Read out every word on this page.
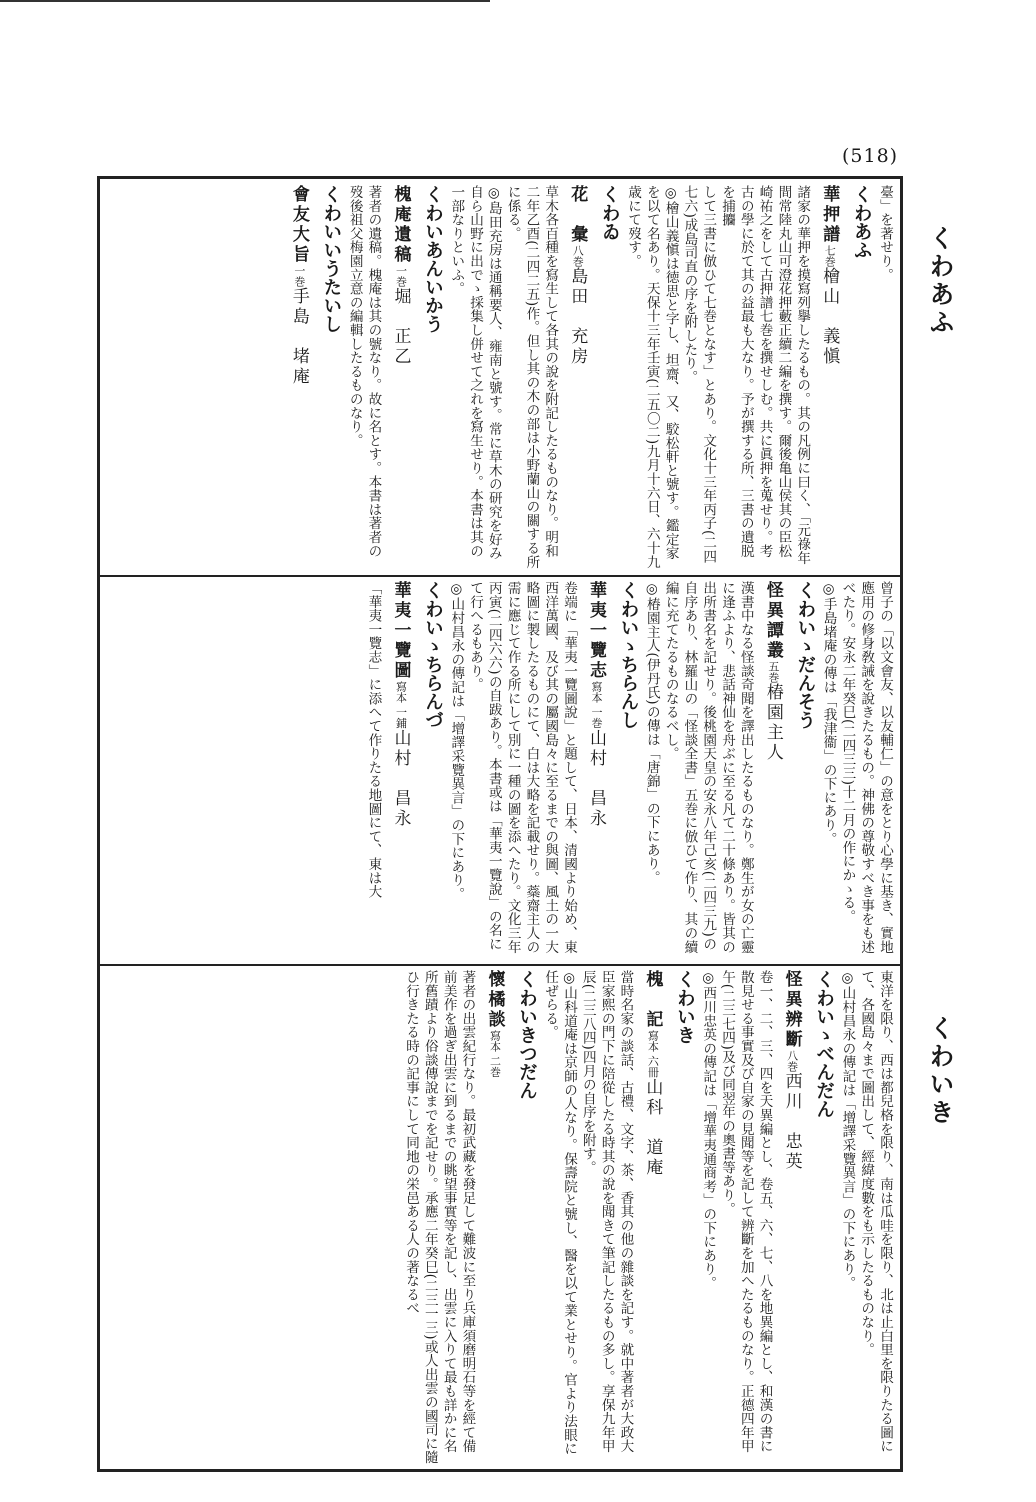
(518)
くわあふ
くわいき
臺」を著せり。
くわあふ
華押譜七巻檜山　義愼
諸家の華押を摸寫列擧したるもの。其の凡例に曰く、「元祿年間常陸丸山可澄花押藪正續二編を撰す。爾後亀山侯其の臣松崎祐之をして古押譜七巻を撰せしむ。共に眞押を蒐せり。考古の學に於て其の益最も大なり。予が撰する所、三書の遺脱を捕攟
して三書に倣ひて七巻となす」とあり。文化十三年丙子(二四七六)成島司直の序を附したり。
◎檜山義愼は徳思と字し、坦齋、又、駮松軒と號す。鑑定家を以て名あり。天保十三年壬寅(二五〇二)九月十六日、六十九歳にて歿す。
くわゐ
花　彙八巻島田　充房
草木各百種を寫生して各其の說を附記したるものなり。明和二年乙酉(二四二五)作。但し其の木の部は小野蘭山の關する所に係る。
◎島田充房は通稱要人、雍南と號す。常に草木の研究を好み自ら山野に出でゝ採集し併せて之れを寫生せり。本書は其の一部なりといふ。
くわいあんいかう
槐庵遺稿一巻堀　正乙
著者の遺稿。槐庵は其の號なり。故に名とす。本書は著者の歿後祖父梅園立意の編輯したるものなり。
くわいいうたいし
會友大旨一巻手島　堵庵
曾子の「以文會友、以友輔仁」の意をとり心學に基き、實地應用の修身敎誡を說きたるもの。神佛の尊敬すべき事をも述べたり。安永二年癸巳(二四三三)十二月の作にかゝる。
◎手島堵庵の傳は「我津衞」の下にあり。
くわいゝだんそう
怪異譚叢五巻椿園主人
漢書中なる怪談奇聞を譯出したるものなり。鄭生が女の亡靈に逢ふより、悲話神仙を舟ぶに至る凡て二十條あり。皆其の出所書名を記せり。後桃園天皇の安永八年己亥(二四三九)の自序あり、林羅山の「怪談全書」五巻に倣ひて作り、其の續編に充てたるものなるべし。
◎椿園主人(伊丹氏)の傳は「唐錦」の下にあり。
くわいゝちらんし
華夷一覽志寫本 一巻山村　昌永
卷端に「華夷一覽圖說」と題して、日本、清國より始め、東西洋萬國、及び其の屬國島々に至るまでの與圖、風土の一大略圖に製したるものにて、白は大略を記載せり。蘂齋主人の需に應じて作る所にして別に一種の圖を添へたり。文化三年丙寅(二四六六)の自跋あり。本書或は「華夷一覽說」の名にて行へるもあり。
◎山村昌永の傳記は「增譯采覽異言」の下にあり。
くわいゝちらんづ
華夷一覽圖寫本 一鋪山村　昌永
「華夷一覽志」に添へて作りたる地圖にて、東は大
東洋を限り、西は都兒格を限り、南は瓜哇を限り、北は止白里を限りたる圖にて、各國島々まで圖出して、經緯度數をも示したるものなり。
◎山村昌永の傳記は「增譯采覽異言」の下にあり。
くわいゝべんだん
怪異辨斷八巻西川　忠英
卷一、二、三、四を天異編とし、卷五、六、七、八を地異編とし、和漢の書に散見せる事實及び自家の見聞等を記して辨斷を加へたるものなり。正德四年甲午(二三七四)及び同翌年の奧書等あり。
◎西川忠英の傳記は「增華夷通商考」の下にあり。
くわいき
槐　記寫本 六冊山科　道庵
當時名家の談話、古禮、文字、茶、香其の他の雜談を記す。就中著者が大政大臣家熙の門下に陪從したる時其の說を聞きて筆記したるもの多し。享保九年甲辰(二三八四)四月の自序を附す。
◎山科道庵は京師の人なり。保壽院と號し、醫を以て業とせり。官より法眼に任ぜらる。
くわいきつだん
懷橘談寫本 二巻
著者の出雲紀行なり。最初武藏を發足して難波に至り兵庫須磨明石等を經て備前美作を過ぎ出雲に到るまでの眺望事實等を記し、出雲に入りて最も詳かに名所舊蹟より俗談傳說までを記せり。承應二年癸巳(二三一三)或人出雲の國司に隨ひ行きたる時の記事にして同地の栄邑ある人の著なるべ
